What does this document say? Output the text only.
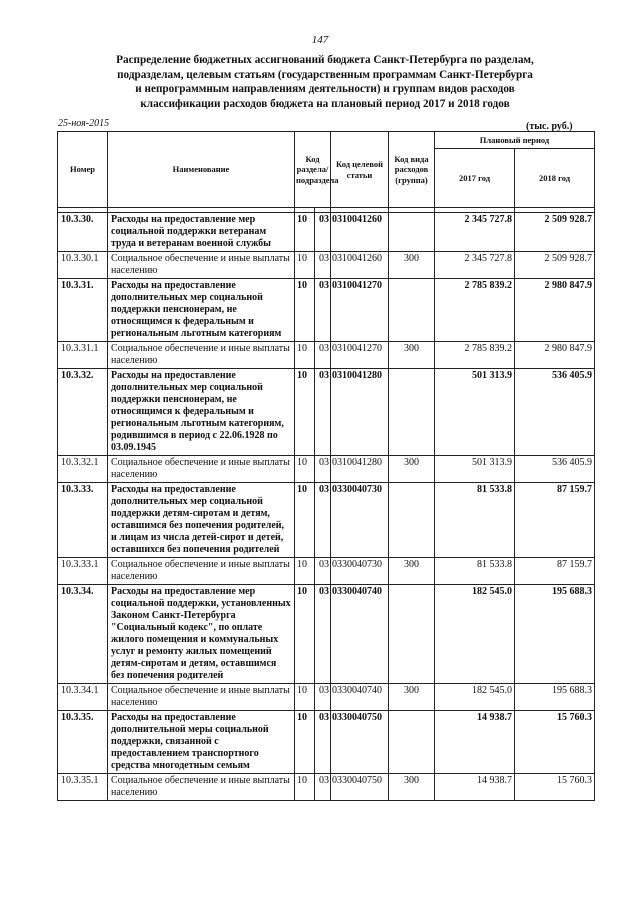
147
Распределение бюджетных ассигнований бюджета Санкт-Петербурга по разделам,
подразделам, целевым статьям (государственным программам Санкт-Петербурга
и непрограммным направлениям деятельности) и группам видов расходов
классификации расходов бюджета на плановый период 2017 и 2018 годов
25-ноя-2015	(тыс. руб.)
Номер	Наименование	Код раздела/ подраздела		Код целевой статьи	Код вида расходов (группа)	Плановый период	
						2017 год	2018 год

10.3.30.	Расходы на предоставление мер социальной поддержки ветеранам труда и ветеранам военной службы	10	03	0310041260		2 345 727.8	2 509 928.7
10.3.30.1	Социальное обеспечение и иные выплаты населению	10	03	0310041260	300	2 345 727.8	2 509 928.7
10.3.31.	Расходы на предоставление дополнительных мер социальной поддержки пенсионерам, не относящимся к федеральным и региональным льготным категориям	10	03	0310041270		2 785 839.2	2 980 847.9
10.3.31.1	Социальное обеспечение и иные выплаты населению	10	03	0310041270	300	2 785 839.2	2 980 847.9
10.3.32.	Расходы на предоставление дополнительных мер социальной поддержки пенсионерам, не относящимся к федеральным и региональным льготным категориям, родившимся в период с 22.06.1928 по 03.09.1945	10	03	0310041280		501 313.9	536 405.9
10.3.32.1	Социальное обеспечение и иные выплаты населению	10	03	0310041280	300	501 313.9	536 405.9
10.3.33.	Расходы на предоставление дополнительных мер социальной поддержки детям-сиротам и детям, оставшимся без попечения родителей, и лицам из числа детей-сирот и детей, оставшихся без попечения родителей	10	03	0330040730		81 533.8	87 159.7
10.3.33.1	Социальное обеспечение и иные выплаты населению	10	03	0330040730	300	81 533.8	87 159.7
10.3.34.	Расходы на предоставление мер социальной поддержки, установленных Законом Санкт-Петербурга "Социальный кодекс", по оплате жилого помещения и коммунальных услуг и ремонту жилых помещений детям-сиротам и детям, оставшимся без попечения родителей	10	03	0330040740		182 545.0	195 688.3
10.3.34.1	Социальное обеспечение и иные выплаты населению	10	03	0330040740	300	182 545.0	195 688.3
10.3.35.	Расходы на предоставление дополнительной меры социальной поддержки, связанной с предоставлением транспортного средства многодетным семьям	10	03	0330040750		14 938.7	15 760.3
10.3.35.1	Социальное обеспечение и иные выплаты населению	10	03	0330040750	300	14 938.7	15 760.3
